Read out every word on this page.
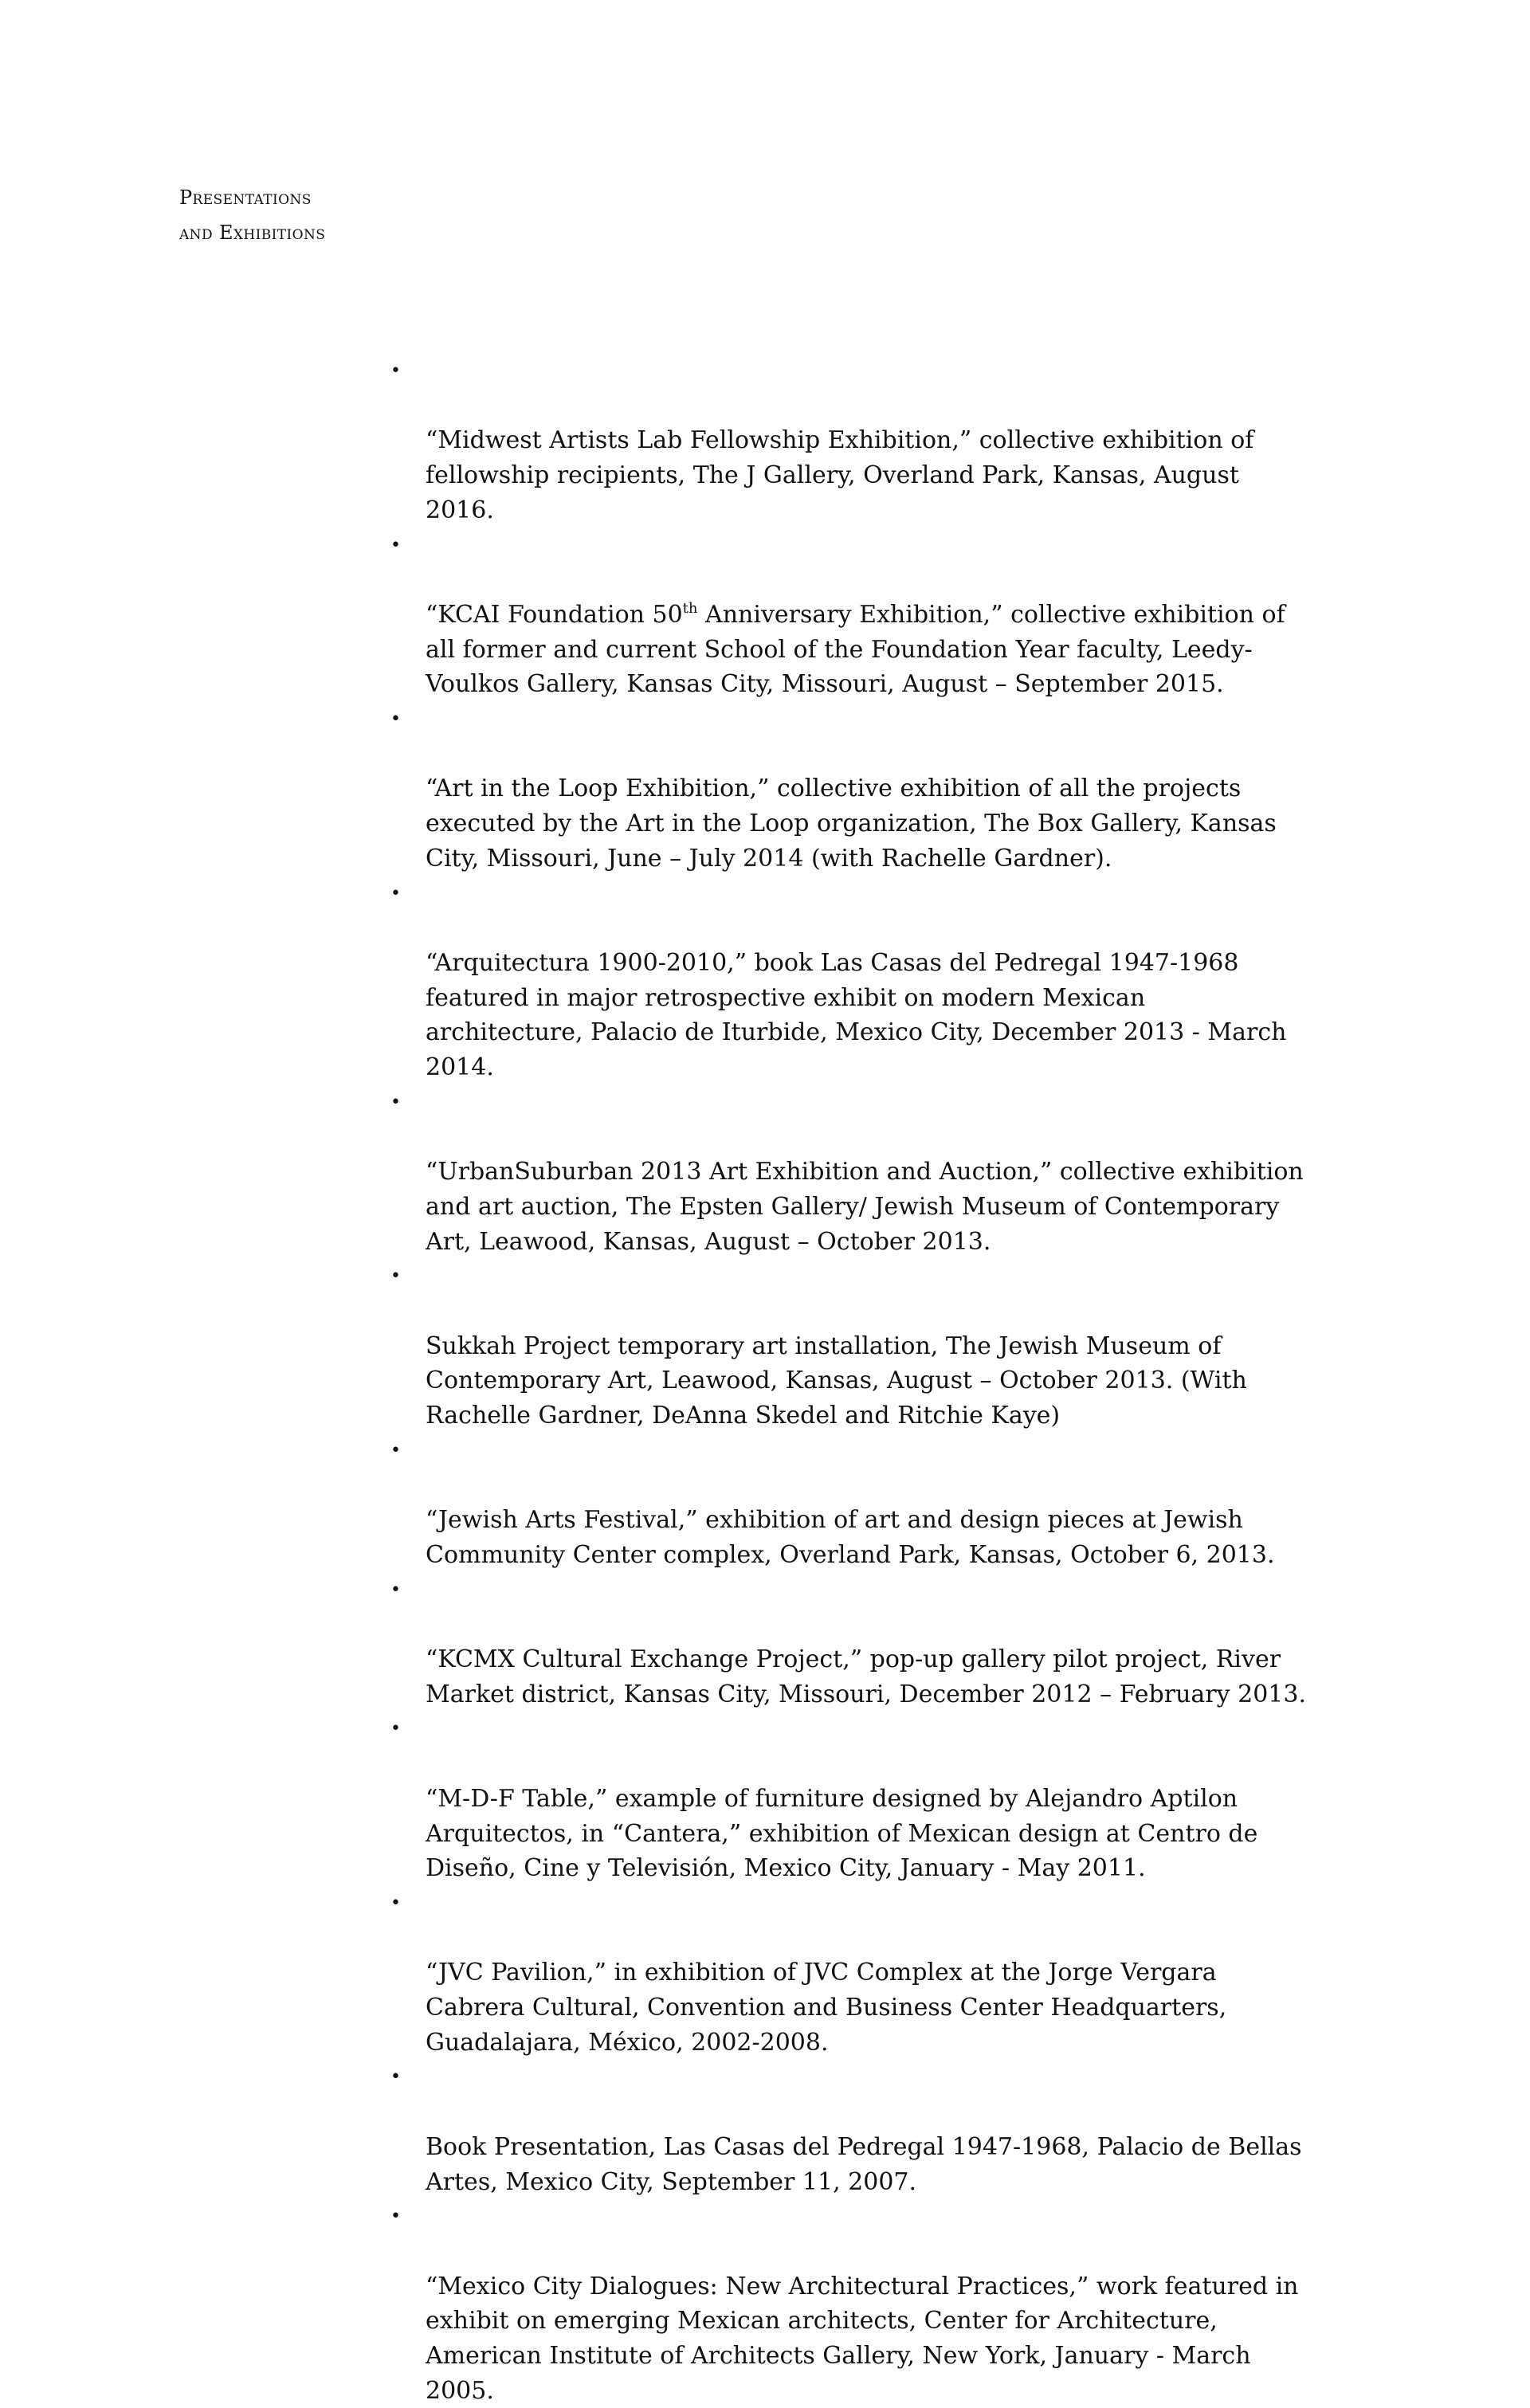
Presentations
and Exhibitions

•

“Midwest Artists Lab Fellowship Exhibition,” collective exhibition of
fellowship recipients, The J Gallery, Overland Park, Kansas, August
2016.

•

“KCAI Foundation 50th Anniversary Exhibition,” collective exhibition of
all former and current School of the Foundation Year faculty, Leedy-
Voulkos Gallery, Kansas City, Missouri, August – September 2015.

•

“Art in the Loop Exhibition,” collective exhibition of all the projects
executed by the Art in the Loop organization, The Box Gallery, Kansas
City, Missouri, June – July 2014 (with Rachelle Gardner).

•

“Arquitectura 1900-2010,” book Las Casas del Pedregal 1947-1968
featured in major retrospective exhibit on modern Mexican
architecture, Palacio de Iturbide, Mexico City, December 2013 - March
2014.

•

“UrbanSuburban 2013 Art Exhibition and Auction,” collective exhibition
and art auction, The Epsten Gallery/ Jewish Museum of Contemporary
Art, Leawood, Kansas, August – October 2013.

•

Sukkah Project temporary art installation, The Jewish Museum of
Contemporary Art, Leawood, Kansas, August – October 2013. (With
Rachelle Gardner, DeAnna Skedel and Ritchie Kaye)

•

“Jewish Arts Festival,” exhibition of art and design pieces at Jewish
Community Center complex, Overland Park, Kansas, October 6, 2013.

•

“KCMX Cultural Exchange Project,” pop-up gallery pilot project, River
Market district, Kansas City, Missouri, December 2012 – February 2013.

•

“M-D-F Table,” example of furniture designed by Alejandro Aptilon
Arquitectos, in “Cantera,” exhibition of Mexican design at Centro de
Diseño, Cine y Televisión, Mexico City, January - May 2011.

•

“JVC Pavilion,” in exhibition of JVC Complex at the Jorge Vergara
Cabrera Cultural, Convention and Business Center Headquarters,
Guadalajara, México, 2002-2008.

•

Book Presentation, Las Casas del Pedregal 1947-1968, Palacio de Bellas
Artes, Mexico City, September 11, 2007.

•

“Mexico City Dialogues: New Architectural Practices,” work featured in
exhibit on emerging Mexican architects, Center for Architecture,
American Institute of Architects Gallery, New York, January - March
2005.
